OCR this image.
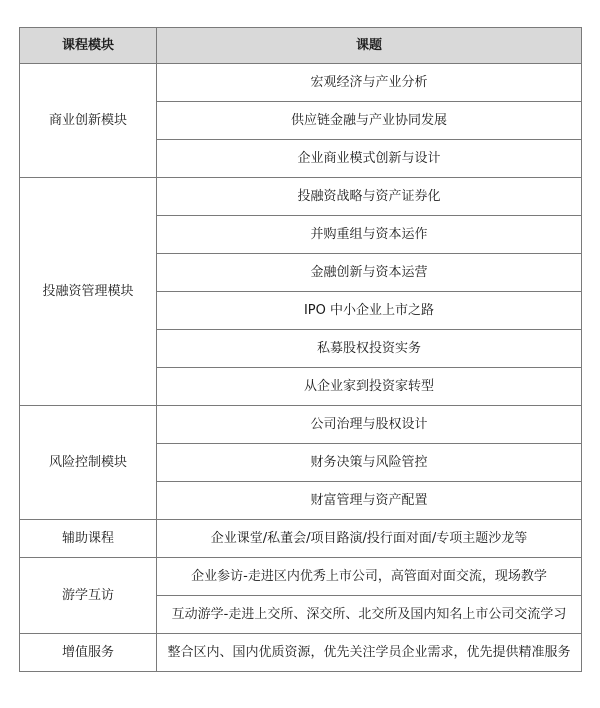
课程模块	课题
商业创新模块	宏观经济与产业分析
	供应链金融与产业协同发展
	企业商业模式创新与设计
投融资管理模块	投融资战略与资产证券化
	并购重组与资本运作
	金融创新与资本运营
	IPO 中小企业上市之路
	私募股权投资实务
	从企业家到投资家转型
风险控制模块	公司治理与股权设计
	财务决策与风险管控
	财富管理与资产配置
辅助课程	企业课堂/私董会/项目路演/投行面对面/专项主题沙龙等
游学互访	企业参访-走进区内优秀上市公司，高管面对面交流，现场教学
	互动游学-走进上交所、深交所、北交所及国内知名上市公司交流学习
增值服务	整合区内、国内优质资源，优先关注学员企业需求，优先提供精准服务
